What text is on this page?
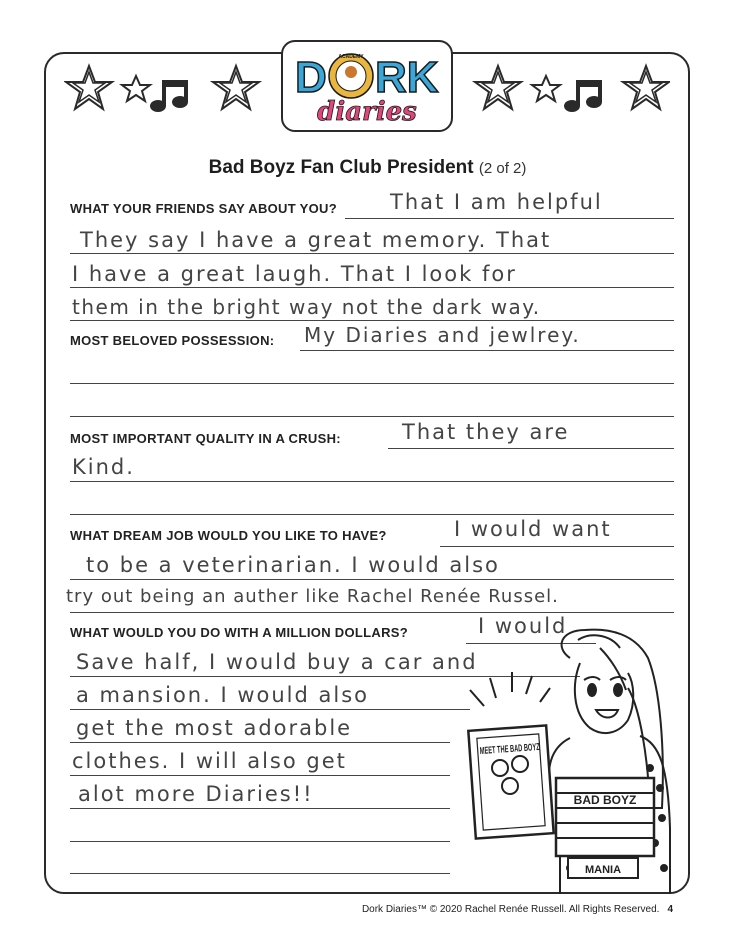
D ACADEMY RK
diaries
Bad Boyz Fan Club President (2 of 2)
WHAT YOUR FRIENDS SAY ABOUT YOU?	That I am helpful
They say I have a great memory. That
I have a great laugh. That I look for
them in the bright way not the dark way.
MOST BELOVED POSSESSION: My Diaries and jewlrey.
MOST IMPORTANT QUALITY IN A CRUSH:	That they are
Kind.
WHAT DREAM JOB WOULD YOU LIKE TO HAVE?	I would want
to be a veterinarian. I would also
try out being an auther like Rachel Renée Russel.
WHAT WOULD YOU DO WITH A MILLION DOLLARS?	I would
Save half, I would buy a car and
a mansion. I would also
get the most adorable
clothes. I will also get
alot more Diaries!!
MEET THE BAD BOYZ
BAD BOYZ
MANIA
Dork Diaries™ © 2020 Rachel Renée Russell. All Rights Reserved. 4
